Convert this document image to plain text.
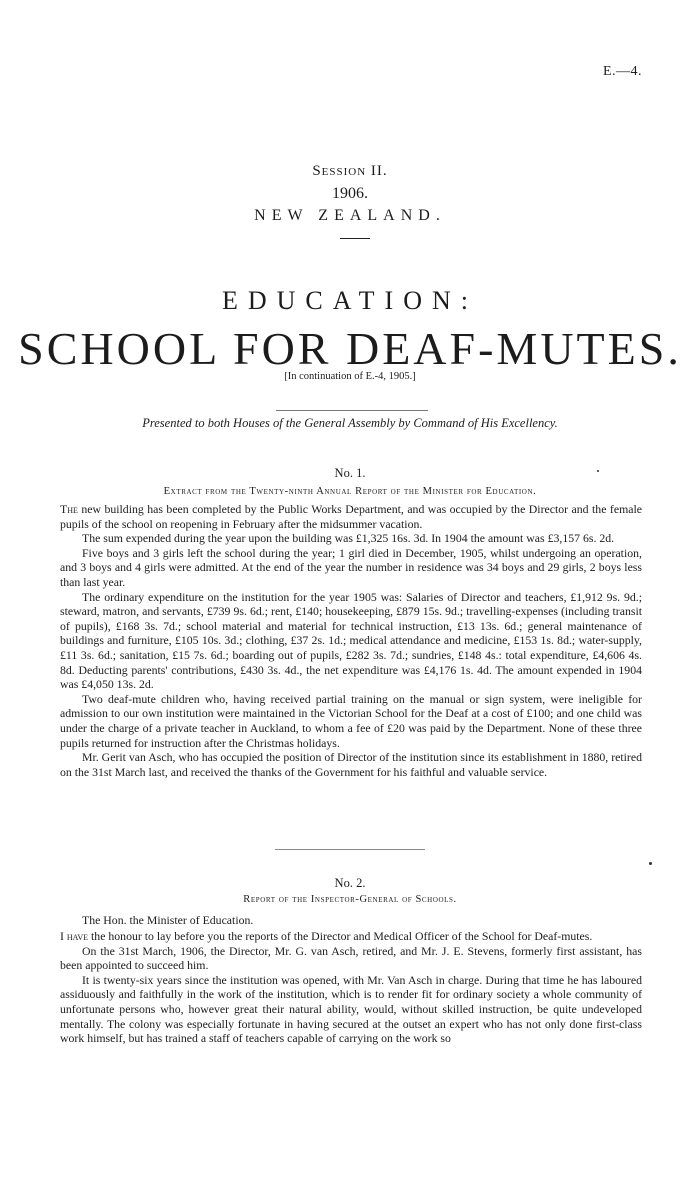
E.—4.
Session II.
1906.
NEW ZEALAND.
EDUCATION:
SCHOOL FOR DEAF-MUTES.
[In continuation of E.-4, 1905.]
Presented to both Houses of the General Assembly by Command of His Excellency.
No. 1.
Extract from the Twenty-ninth Annual Report of the Minister for Education.

The new building has been completed by the Public Works Department, and was occupied by the Director and the female pupils of the school on reopening in February after the midsummer vacation.

The sum expended during the year upon the building was £1,325 16s. 3d. In 1904 the amount was £3,157 6s. 2d.

Five boys and 3 girls left the school during the year; 1 girl died in December, 1905, whilst undergoing an operation, and 3 boys and 4 girls were admitted. At the end of the year the number in residence was 34 boys and 29 girls, 2 boys less than last year.

The ordinary expenditure on the institution for the year 1905 was: Salaries of Director and teachers, £1,912 9s. 9d.; steward, matron, and servants, £739 9s. 6d.; rent, £140; housekeeping, £879 15s. 9d.; travelling-expenses (including transit of pupils), £168 3s. 7d.; school material and material for technical instruction, £13 13s. 6d.; general maintenance of buildings and furniture, £105 10s. 3d.; clothing, £37 2s. 1d.; medical attendance and medicine, £153 1s. 8d.; water-supply, £11 3s. 6d.; sanitation, £15 7s. 6d.; boarding out of pupils, £282 3s. 7d.; sundries, £148 4s.: total expenditure, £4,606 4s. 8d. Deducting parents' contributions, £430 3s. 4d., the net expenditure was £4,176 1s. 4d. The amount expended in 1904 was £4,050 13s. 2d.

Two deaf-mute children who, having received partial training on the manual or sign system, were ineligible for admission to our own institution were maintained in the Victorian School for the Deaf at a cost of £100; and one child was under the charge of a private teacher in Auckland, to whom a fee of £20 was paid by the Department. None of these three pupils returned for instruction after the Christmas holidays.

Mr. Gerit van Asch, who has occupied the position of Director of the institution since its establishment in 1880, retired on the 31st March last, and received the thanks of the Government for his faithful and valuable service.

No. 2.
Report of the Inspector-General of Schools.
The Hon. the Minister of Education.

I have the honour to lay before you the reports of the Director and Medical Officer of the School for Deaf-mutes.

On the 31st March, 1906, the Director, Mr. G. van Asch, retired, and Mr. J. E. Stevens, formerly first assistant, has been appointed to succeed him.

It is twenty-six years since the institution was opened, with Mr. Van Asch in charge. During that time he has laboured assiduously and faithfully in the work of the institution, which is to render fit for ordinary society a whole community of unfortunate persons who, however great their natural ability, would, without skilled instruction, be quite undeveloped mentally. The colony was especially fortunate in having secured at the outset an expert who has not only done first-class work himself, but has trained a staff of teachers capable of carrying on the work so
